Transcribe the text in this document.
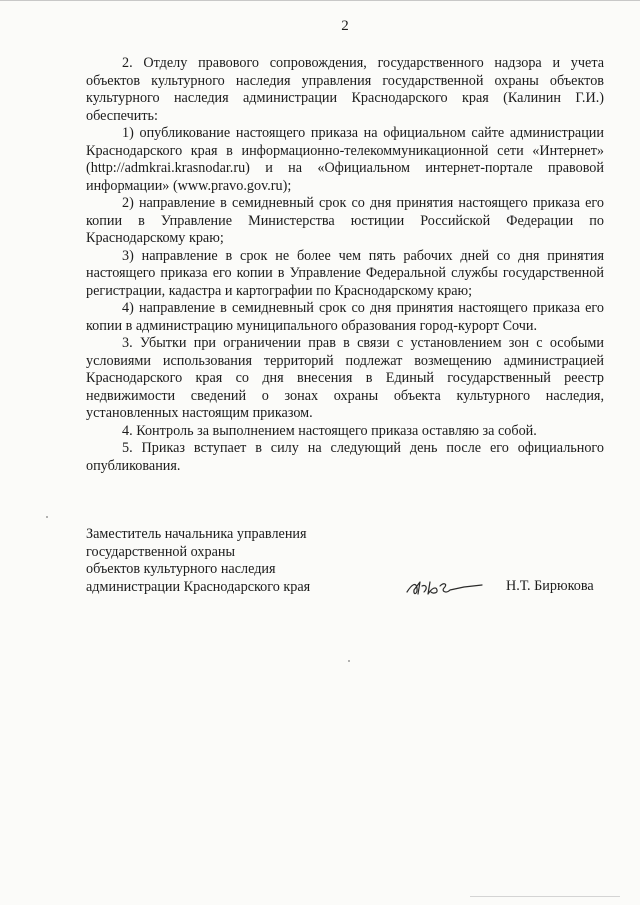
2

2. Отделу правового сопровождения, государственного надзора и учета объектов культурного наследия управления государственной охраны объектов культурного наследия администрации Краснодарского края (Калинин Г.И.) обеспечить:

1) опубликование настоящего приказа на официальном сайте администрации Краснодарского края в информационно-телекоммуникационной сети «Интернет» (http://admkrai.krasnodar.ru) и на «Официальном интернет-портале правовой информации» (www.pravo.gov.ru);

2) направление в семидневный срок со дня принятия настоящего приказа его копии в Управление Министерства юстиции Российской Федерации по Краснодарскому краю;

3) направление в срок не более чем пять рабочих дней со дня принятия настоящего приказа его копии в Управление Федеральной службы государственной регистрации, кадастра и картографии по Краснодарскому краю;

4) направление в семидневный срок со дня принятия настоящего приказа его копии в администрацию муниципального образования город-курорт Сочи.

3. Убытки при ограничении прав в связи с установлением зон с особыми условиями использования территорий подлежат возмещению администрацией Краснодарского края со дня внесения в Единый государственный реестр недвижимости сведений о зонах охраны объекта культурного наследия, установленных настоящим приказом.

4. Контроль за выполнением настоящего приказа оставляю за собой.

5. Приказ вступает в силу на следующий день после его официального опубликования.

Заместитель начальника управления
государственной охраны
объектов культурного наследия
администрации Краснодарского края	Н.Т. Бирюкова
